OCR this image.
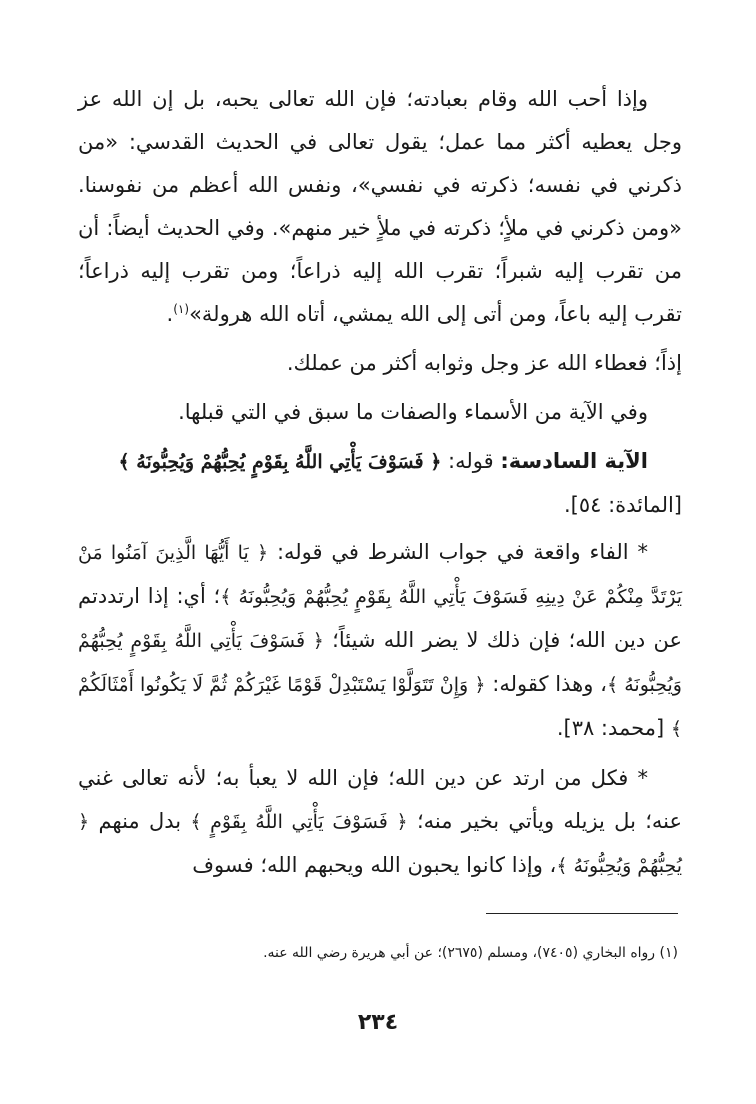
وإذا أحب الله وقام بعبادته؛ فإن الله تعالى يحبه، بل إن الله عز وجل يعطيه أكثر مما عمل؛ يقول تعالى في الحديث القدسي: «من ذكرني في نفسه؛ ذكرته في نفسي»، ونفس الله أعظم من نفوسنا. «ومن ذكرني في ملأٍ؛ ذكرته في ملأٍ خير منهم». وفي الحديث أيضاً: أن من تقرب إليه شبراً؛ تقرب الله إليه ذراعاً؛ ومن تقرب إليه ذراعاً؛ تقرب إليه باعاً، ومن أتى إلى الله يمشي، أتاه الله هرولة»$^{(١)}$.

إذاً؛ فعطاء الله عز وجل وثوابه أكثر من عملك.

وفي الآية من الأسماء والصفات ما سبق في التي قبلها.

الآية السادسة: قوله: ﴿ فَسَوْفَ يَأْتِي اللَّهُ بِقَوْمٍ يُحِبُّهُمْ وَيُحِبُّونَهُ ﴾

[المائدة: ٥٤].

* الفاء واقعة في جواب الشرط في قوله: ﴿ يَا أَيُّهَا الَّذِينَ آمَنُوا مَنْ يَرْتَدَّ مِنْكُمْ عَنْ دِينِهِ فَسَوْفَ يَأْتِي اللَّهُ بِقَوْمٍ يُحِبُّهُمْ وَيُحِبُّونَهُ ﴾؛ أي: إذا ارتددتم عن دين الله؛ فإن ذلك لا يضر الله شيئاً؛ ﴿ فَسَوْفَ يَأْتِي اللَّهُ بِقَوْمٍ يُحِبُّهُمْ وَيُحِبُّونَهُ ﴾، وهذا كقوله: ﴿ وَإِنْ تَتَوَلَّوْا يَسْتَبْدِلْ قَوْمًا غَيْرَكُمْ ثُمَّ لَا يَكُونُوا أَمْثَالَكُمْ ﴾ [محمد: ٣٨].

* فكل من ارتد عن دين الله؛ فإن الله لا يعبأ به؛ لأنه تعالى غني عنه؛ بل يزيله ويأتي بخير منه؛ ﴿ فَسَوْفَ يَأْتِي اللَّهُ بِقَوْمٍ ﴾ بدل منهم ﴿ يُحِبُّهُمْ وَيُحِبُّونَهُ ﴾، وإذا كانوا يحبون الله ويحبهم الله؛ فسوف

(١) رواه البخاري (٧٤٠٥)، ومسلم (٢٦٧٥)؛ عن أبي هريرة رضي الله عنه.
٢٣٤
